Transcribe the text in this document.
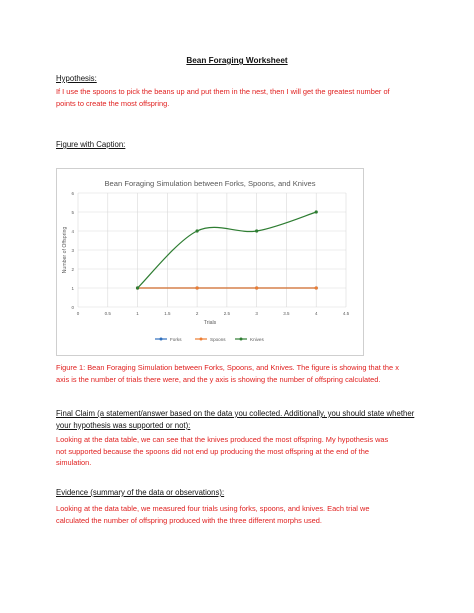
Bean Foraging Worksheet
Hypothesis:
If I use the spoons to pick the beans up and put them in the nest, then I will get the greatest number of
points to create the most offspring.
Figure with Caption:
Bean Foraging Simulation between Forks, Spoons, and Knives
0
1
2
3
4
5
6
0	0.5	1	1.5	2	2.5	3	3.5	4	4.5
Trials
Number of Offspring
Forks	Spoons	Knives
Figure 1: Bean Foraging Simulation between Forks, Spoons, and Knives. The figure is showing that the x
axis is the number of trials there were, and the y axis is showing the number of offspring calculated.
Final Claim (a statement/answer based on the data you collected. Additionally, you should state whether
your hypothesis was supported or not):
Looking at the data table, we can see that the knives produced the most offspring. My hypothesis was
not supported because the spoons did not end up producing the most offspring at the end of the
simulation.
Evidence (summary of the data or observations):
Looking at the data table, we measured four trials using forks, spoons, and knives. Each trial we
calculated the number of offspring produced with the three different morphs used.
